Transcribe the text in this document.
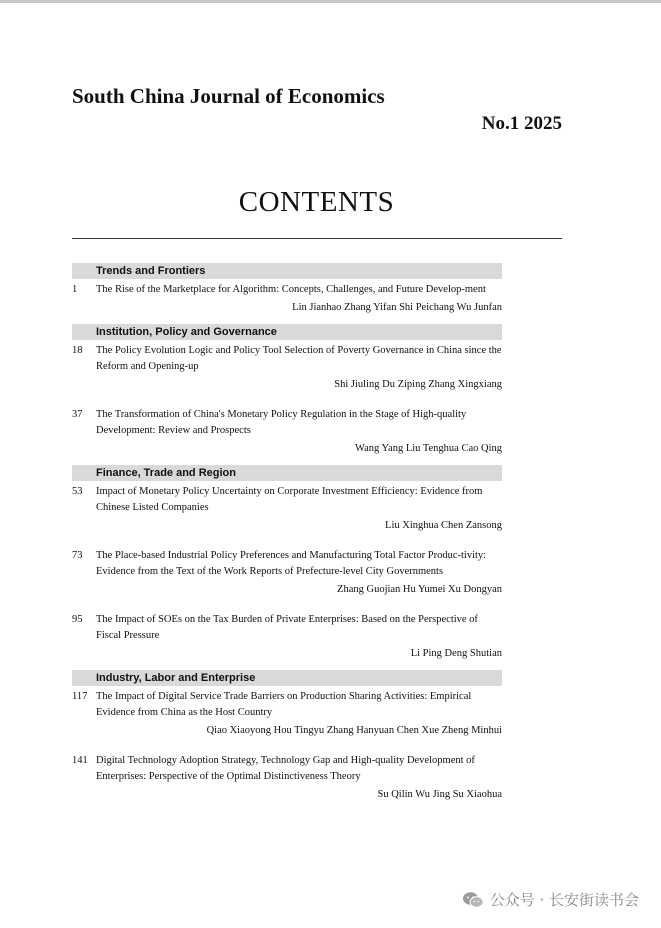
South China Journal of Economics
No.1 2025
CONTENTS
Trends and Frontiers
1	The Rise of the Marketplace for Algorithm: Concepts, Challenges, and Future Develop-ment
Lin Jianhao Zhang Yifan Shi Peichang Wu Junfan
Institution, Policy and Governance
18	The Policy Evolution Logic and Policy Tool Selection of Poverty Governance in China since the Reform and Opening-up
Shi Jiuling Du Ziping Zhang Xingxiang
37	The Transformation of China's Monetary Policy Regulation in the Stage of High-quality Development: Review and Prospects
Wang Yang Liu Tenghua Cao Qing
Finance, Trade and Region
53	Impact of Monetary Policy Uncertainty on Corporate Investment Efficiency: Evidence from Chinese Listed Companies
Liu Xinghua Chen Zansong
73	The Place-based Industrial Policy Preferences and Manufacturing Total Factor Produc-tivity: Evidence from the Text of the Work Reports of Prefecture-level City Governments
Zhang Guojian Hu Yumei Xu Dongyan
95	The Impact of SOEs on the Tax Burden of Private Enterprises: Based on the Perspective of Fiscal Pressure
Li Ping Deng Shutian
Industry, Labor and Enterprise
117 The Impact of Digital Service Trade Barriers on Production Sharing Activities: Empirical Evidence from China as the Host Country
Qiao Xiaoyong Hou Tingyu Zhang Hanyuan Chen Xue Zheng Minhui
141 Digital Technology Adoption Strategy, Technology Gap and High-quality Development of Enterprises: Perspective of the Optimal Distinctiveness Theory
Su Qilin Wu Jing Su Xiaohua
公众号 · 长安街读书会
